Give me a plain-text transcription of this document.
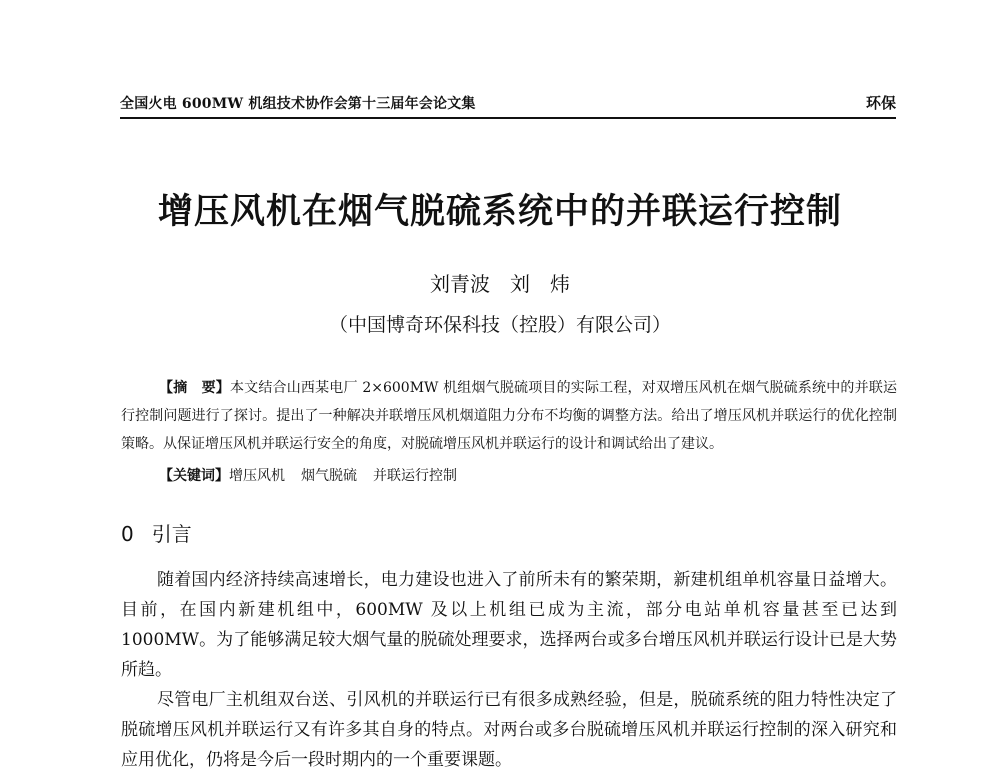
全国火电 600MW 机组技术协作会第十三届年会论文集	环保
增压风机在烟气脱硫系统中的并联运行控制
刘青波　刘　炜
（中国博奇环保科技（控股）有限公司）
【摘　要】本文结合山西某电厂 2×600MW 机组烟气脱硫项目的实际工程，对双增压风机在烟气脱硫系统中的并联运行控制问题进行了探讨。提出了一种解决并联增压风机烟道阻力分布不均衡的调整方法。给出了增压风机并联运行的优化控制策略。从保证增压风机并联运行安全的角度，对脱硫增压风机并联运行的设计和调试给出了建议。
【关键词】增压风机 烟气脱硫 并联运行控制
0 引言

随着国内经济持续高速增长，电力建设也进入了前所未有的繁荣期，新建机组单机容量日益增大。目前，在国内新建机组中，600MW 及以上机组已成为主流，部分电站单机容量甚至已达到 1000MW。为了能够满足较大烟气量的脱硫处理要求，选择两台或多台增压风机并联运行设计已是大势所趋。

尽管电厂主机组双台送、引风机的并联运行已有很多成熟经验，但是，脱硫系统的阻力特性决定了脱硫增压风机并联运行又有许多其自身的特点。对两台或多台脱硫增压风机并联运行控制的深入研究和应用优化，仍将是今后一段时期内的一个重要课题。
